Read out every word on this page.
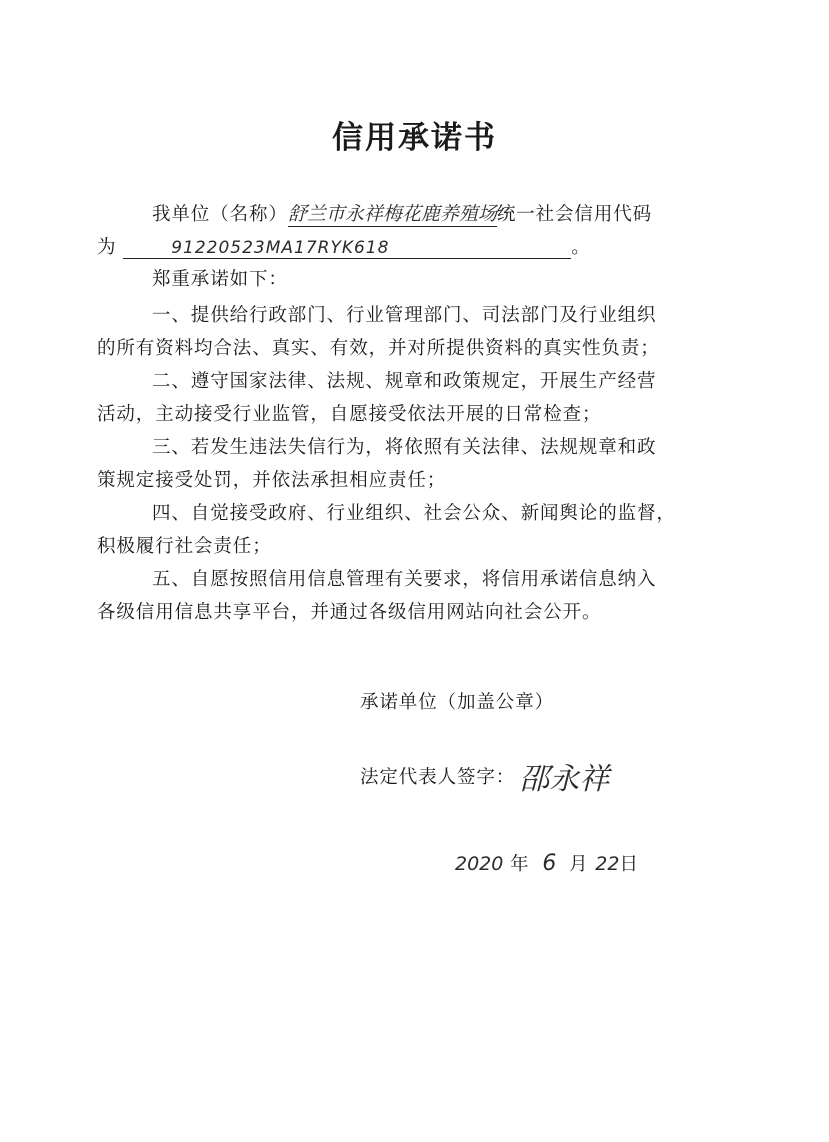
信用承诺书
我单位（名称）舒兰市永祥梅花鹿养殖场统一社会信用代码
为	91220523MA17RYK618	。
郑重承诺如下：
一、提供给行政部门、行业管理部门、司法部门及行业组织
的所有资料均合法、真实、有效，并对所提供资料的真实性负责；
二、遵守国家法律、法规、规章和政策规定，开展生产经营
活动，主动接受行业监管，自愿接受依法开展的日常检查；
三、若发生违法失信行为，将依照有关法律、法规规章和政
策规定接受处罚，并依法承担相应责任；
四、自觉接受政府、行业组织、社会公众、新闻舆论的监督，
积极履行社会责任；
五、自愿按照信用信息管理有关要求，将信用承诺信息纳入
各级信用信息共享平台，并通过各级信用网站向社会公开。
承诺单位（加盖公章）
法定代表人签字： 邵永祥
2020 年 6 月 22日
